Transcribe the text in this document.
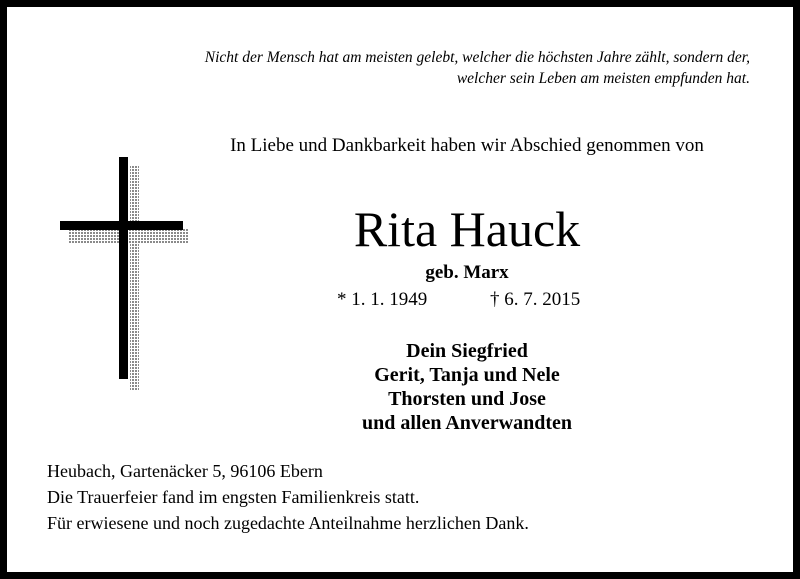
Nicht der Mensch hat am meisten gelebt, welcher die höchsten Jahre zählt, sondern der,
welcher sein Leben am meisten empfunden hat.
In Liebe und Dankbarkeit haben wir Abschied genommen von
Rita Hauck
geb. Marx
* 1. 1. 1949	† 6. 7. 2015
Dein Siegfried
Gerit, Tanja und Nele
Thorsten und Jose
und allen Anverwandten
Heubach, Gartenäcker 5, 96106 Ebern
Die Trauerfeier fand im engsten Familienkreis statt.
Für erwiesene und noch zugedachte Anteilnahme herzlichen Dank.
